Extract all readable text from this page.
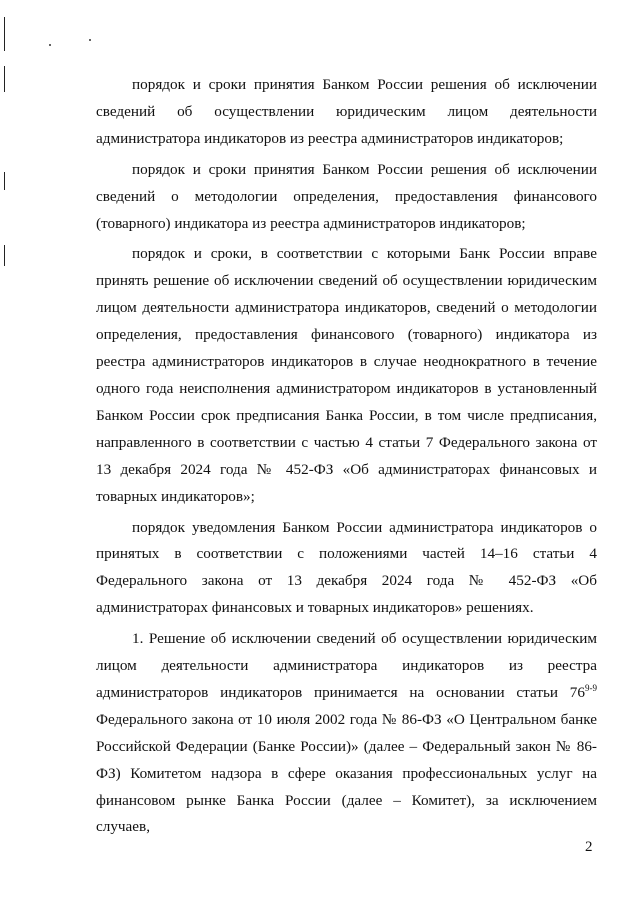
порядок и сроки принятия Банком России решения об исключении сведений об осуществлении юридическим лицом деятельности администратора индикаторов из реестра администраторов индикаторов;

порядок и сроки принятия Банком России решения об исключении сведений о методологии определения, предоставления финансового (товарного) индикатора из реестра администраторов индикаторов;

порядок и сроки, в соответствии с которыми Банк России вправе принять решение об исключении сведений об осуществлении юридическим лицом деятельности администратора индикаторов, сведений о методологии определения, предоставления финансового (товарного) индикатора из реестра администраторов индикаторов в случае неоднократного в течение одного года неисполнения администратором индикаторов в установленный Банком России срок предписания Банка России, в том числе предписания, направленного в соответствии с частью 4 статьи 7 Федерального закона от 13 декабря 2024 года № 452-ФЗ «Об администраторах финансовых и товарных индикаторов»;

порядок уведомления Банком России администратора индикаторов о принятых в соответствии с положениями частей 14–16 статьи 4 Федерального закона от 13 декабря 2024 года № 452-ФЗ «Об администраторах финансовых и товарных индикаторов» решениях.

1. Решение об исключении сведений об осуществлении юридическим лицом деятельности администратора индикаторов из реестра администраторов индикаторов принимается на основании статьи 76$^{9-9}$ Федерального закона от 10 июля 2002 года № 86-ФЗ «О Центральном банке Российской Федерации (Банке России)» (далее – Федеральный закон № 86-ФЗ) Комитетом надзора в сфере оказания профессиональных услуг на финансовом рынке Банка России (далее – Комитет), за исключением случаев,

2
